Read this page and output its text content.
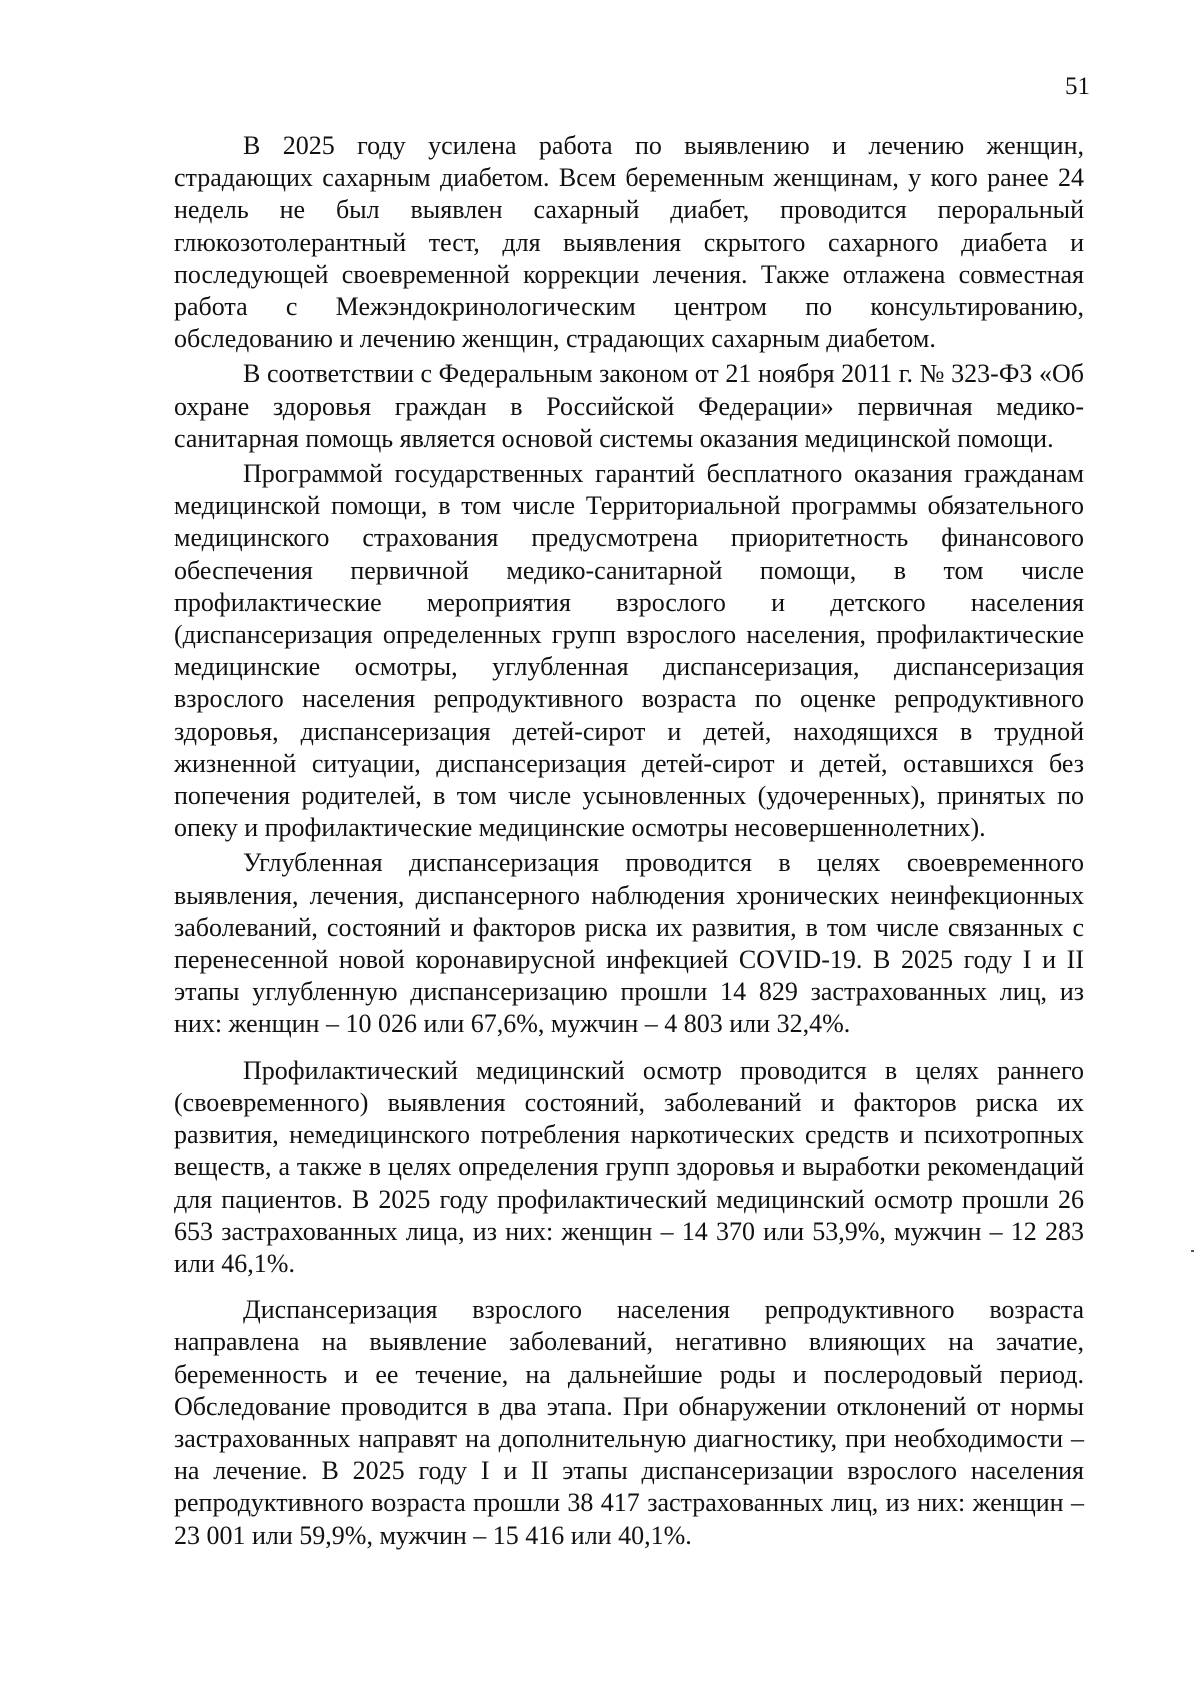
51

В 2025 году усилена работа по выявлению и лечению женщин, страдающих сахарным диабетом. Всем беременным женщинам, у кого ранее 24 недель не был выявлен сахарный диабет, проводится пероральный глюкозотолерантный тест, для выявления скрытого сахарного диабета и последующей своевременной коррекции лечения. Также отлажена совместная работа с Межэндокринологическим центром по консультированию, обследованию и лечению женщин, страдающих сахарным диабетом.

В соответствии с Федеральным законом от 21 ноября 2011 г. № 323-ФЗ «Об охране здоровья граждан в Российской Федерации» первичная медико-санитарная помощь является основой системы оказания медицинской помощи.

Программой государственных гарантий бесплатного оказания гражданам медицинской помощи, в том числе Территориальной программы обязательного медицинского страхования предусмотрена приоритетность финансового обеспечения первичной медико-санитарной помощи, в том числе профилактические мероприятия взрослого и детского населения (диспансеризация определенных групп взрослого населения, профилактические медицинские осмотры, углубленная диспансеризация, диспансеризация взрослого населения репродуктивного возраста по оценке репродуктивного здоровья, диспансеризация детей-сирот и детей, находящихся в трудной жизненной ситуации, диспансеризация детей-сирот и детей, оставшихся без попечения родителей, в том числе усыновленных (удочеренных), принятых по опеку и профилактические медицинские осмотры несовершеннолетних).

Углубленная диспансеризация проводится в целях своевременного выявления, лечения, диспансерного наблюдения хронических неинфекционных заболеваний, состояний и факторов риска их развития, в том числе связанных с перенесенной новой коронавирусной инфекцией COVID-19. В 2025 году I и II этапы углубленную диспансеризацию прошли 14 829 застрахованных лиц, из них: женщин – 10 026 или 67,6%, мужчин – 4 803 или 32,4%.

Профилактический медицинский осмотр проводится в целях раннего (своевременного) выявления состояний, заболеваний и факторов риска их развития, немедицинского потребления наркотических средств и психотропных веществ, а также в целях определения групп здоровья и выработки рекомендаций для пациентов. В 2025 году профилактический медицинский осмотр прошли 26 653 застрахованных лица, из них: женщин – 14 370 или 53,9%, мужчин – 12 283 или 46,1%.

Диспансеризация взрослого населения репродуктивного возраста направлена на выявление заболеваний, негативно влияющих на зачатие, беременность и ее течение, на дальнейшие роды и послеродовый период. Обследование проводится в два этапа. При обнаружении отклонений от нормы застрахованных направят на дополнительную диагностику, при необходимости – на лечение. В 2025 году I и II этапы диспансеризации взрослого населения репродуктивного возраста прошли 38 417 застрахованных лиц, из них: женщин – 23 001 или 59,9%, мужчин – 15 416 или 40,1%.
